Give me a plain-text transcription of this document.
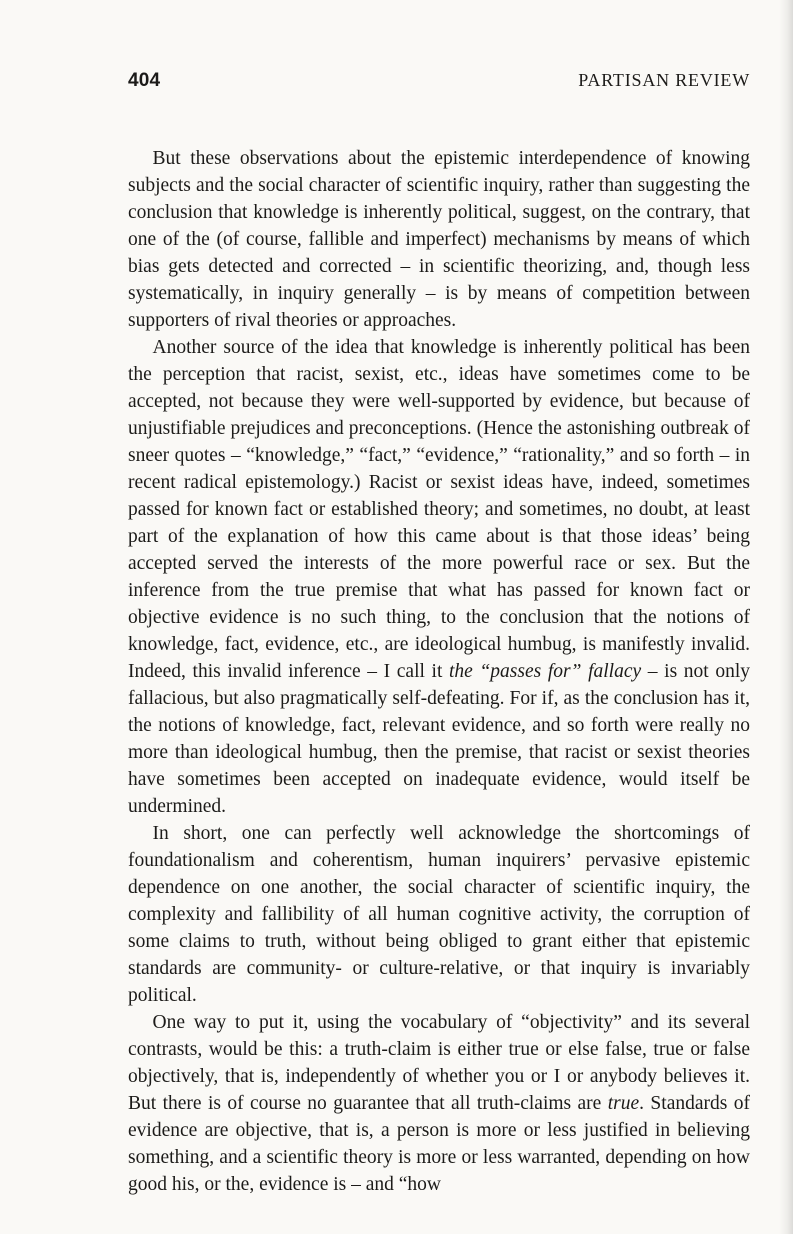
404	PARTISAN REVIEW

 But these observations about the epistemic interdependence of knowing subjects and the social character of scientific inquiry, rather than suggesting the conclusion that knowledge is inherently political, suggest, on the contrary, that one of the (of course, fallible and imperfect) mechanisms by means of which bias gets detected and corrected – in scientific theorizing, and, though less systematically, in inquiry generally – is by means of competition between supporters of rival theories or approaches.

 Another source of the idea that knowledge is inherently political has been the perception that racist, sexist, etc., ideas have sometimes come to be accepted, not because they were well-supported by evidence, but because of unjustifiable prejudices and preconceptions. (Hence the astonishing outbreak of sneer quotes – “knowledge,” “fact,” “evidence,” “rationality,” and so forth – in recent radical epistemology.) Racist or sexist ideas have, indeed, sometimes passed for known fact or established theory; and sometimes, no doubt, at least part of the explanation of how this came about is that those ideas’ being accepted served the interests of the more powerful race or sex. But the inference from the true premise that what has passed for known fact or objective evidence is no such thing, to the conclusion that the notions of knowledge, fact, evidence, etc., are ideological humbug, is manifestly invalid. Indeed, this invalid inference – I call it the “passes for” fallacy – is not only fallacious, but also pragmatically self-defeating. For if, as the conclusion has it, the notions of knowledge, fact, relevant evidence, and so forth were really no more than ideological humbug, then the premise, that racist or sexist theories have sometimes been accepted on inadequate evidence, would itself be undermined.

 In short, one can perfectly well acknowledge the shortcomings of foundationalism and coherentism, human inquirers’ pervasive epistemic dependence on one another, the social character of scientific inquiry, the complexity and fallibility of all human cognitive activity, the corruption of some claims to truth, without being obliged to grant either that epistemic standards are community- or culture-relative, or that inquiry is invariably political.

 One way to put it, using the vocabulary of “objectivity” and its several contrasts, would be this: a truth-claim is either true or else false, true or false objectively, that is, independently of whether you or I or anybody believes it. But there is of course no guarantee that all truth-claims are true. Standards of evidence are objective, that is, a person is more or less justified in believing something, and a scientific theory is more or less warranted, depending on how good his, or the, evidence is – and “how
